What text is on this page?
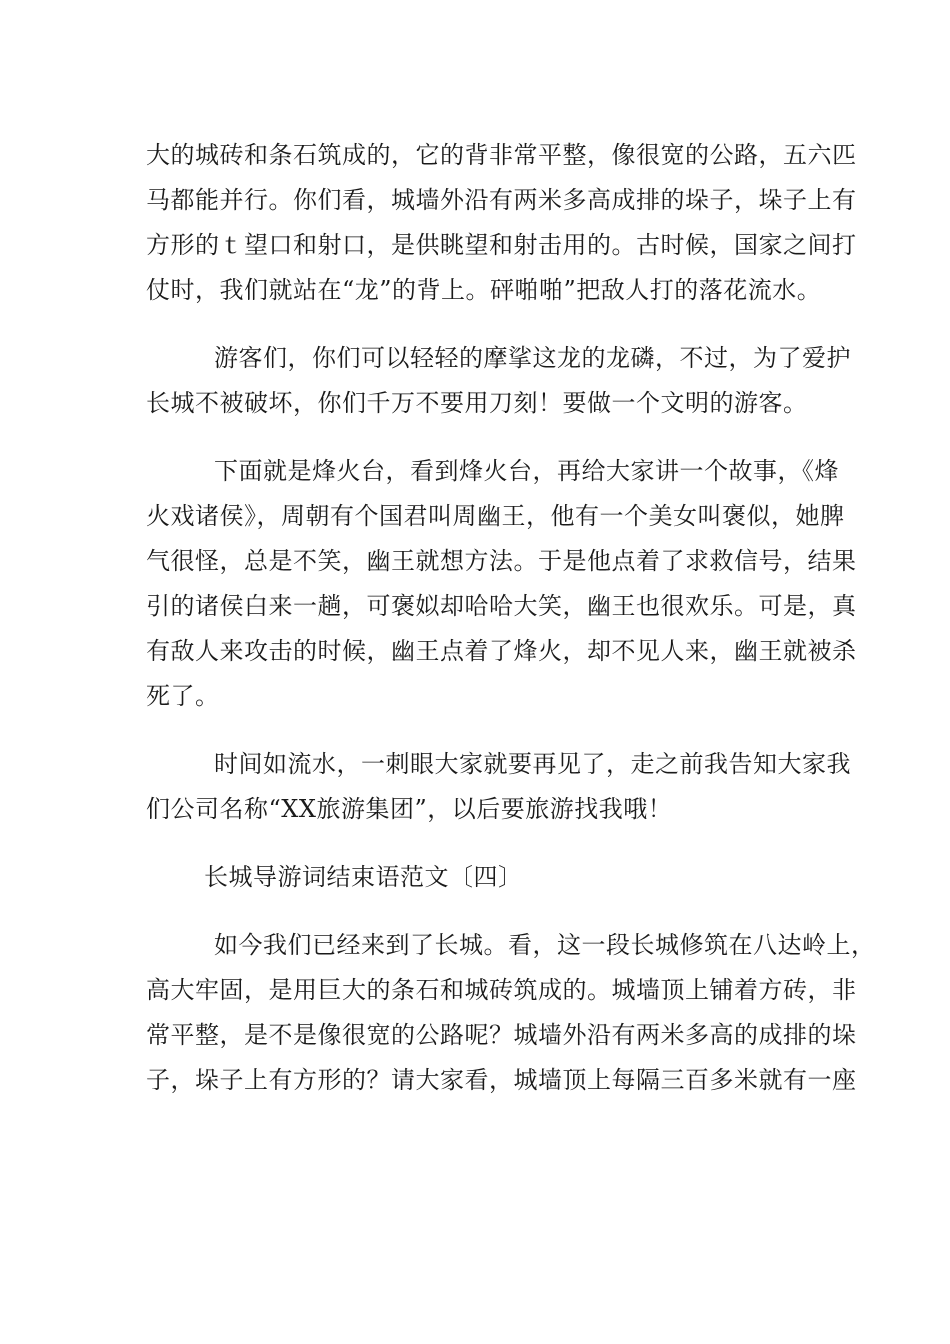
大的城砖和条石筑成的，它的背非常平整，像很宽的公路，五六匹
马都能并行。你们看，城墙外沿有两米多高成排的垛子，垛子上有
方形的ｔ望口和射口，是供眺望和射击用的。古时候，国家之间打
仗时，我们就站在“龙”的背上。砰啪啪”把敌人打的落花流水。

游客们，你们可以轻轻的摩挲这龙的龙磷，不过，为了爱护
长城不被破坏，你们千万不要用刀刻！要做一个文明的游客。

下面就是烽火台，看到烽火台，再给大家讲一个故事，《烽
火戏诸侯》，周朝有个国君叫周幽王，他有一个美女叫褒似，她脾
气很怪，总是不笑，幽王就想方法。于是他点着了求救信号，结果
引的诸侯白来一趟，可褒姒却哈哈大笑，幽王也很欢乐。可是，真
有敌人来攻击的时候，幽王点着了烽火，却不见人来，幽王就被杀
死了。

时间如流水，一刺眼大家就要再见了，走之前我告知大家我
们公司名称“XX旅游集团”，以后要旅游找我哦！

长城导游词结束语范文〔四〕

如今我们已经来到了长城。看，这一段长城修筑在八达岭上，
高大牢固，是用巨大的条石和城砖筑成的。城墙顶上铺着方砖，非
常平整，是不是像很宽的公路呢？城墙外沿有两米多高的成排的垛
子，垛子上有方形的？请大家看，城墙顶上每隔三百多米就有一座
